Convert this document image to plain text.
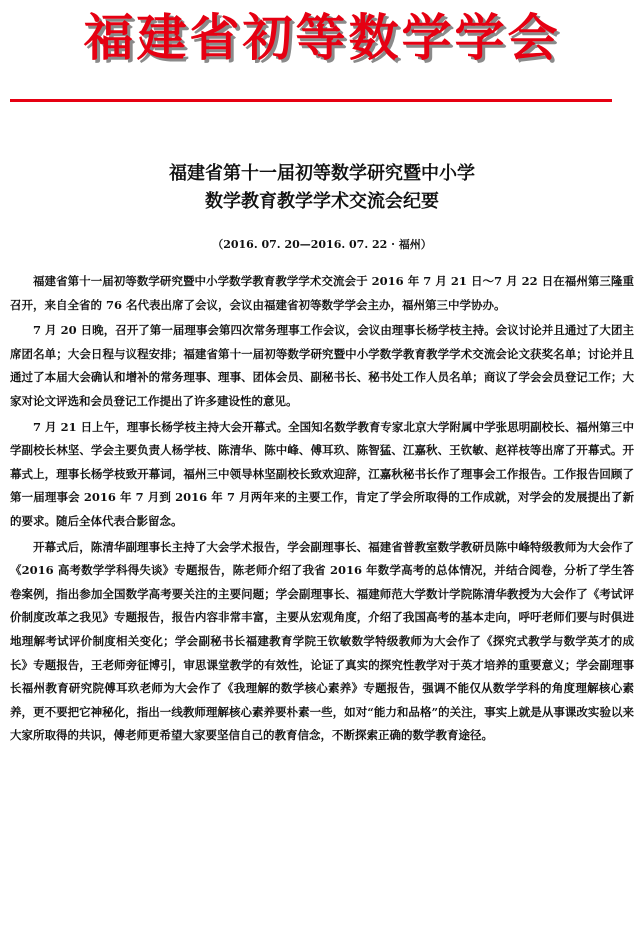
福建省初等数学学会
福建省第十一届初等数学研究暨中小学
数学教育教学学术交流会纪要
（2016. 07. 20—2016. 07. 22 · 福州）

福建省第十一届初等数学研究暨中小学数学教育教学学术交流会于 2016 年 7 月 21 日～7 月 22 日在福州第三隆重召开，来自全省的 76 名代表出席了会议，会议由福建省初等数学学会主办，福州第三中学协办。

7 月 20 日晚，召开了第一届理事会第四次常务理事工作会议，会议由理事长杨学枝主持。会议讨论并且通过了大团主席团名单；大会日程与议程安排；福建省第十一届初等数学研究暨中小学数学教育教学学术交流会论文获奖名单；讨论并且通过了本届大会确认和增补的常务理事、理事、团体会员、副秘书长、秘书处工作人员名单；商议了学会会员登记工作；大家对论文评选和会员登记工作提出了许多建设性的意见。

7 月 21 日上午，理事长杨学枝主持大会开幕式。全国知名数学教育专家北京大学附属中学张思明副校长、福州第三中学副校长林坚、学会主要负责人杨学枝、陈清华、陈中峰、傅耳玖、陈智猛、江嘉秋、王钦敏、赵祥枝等出席了开幕式。开幕式上，理事长杨学枝致开幕词，福州三中领导林坚副校长致欢迎辞，江嘉秋秘书长作了理事会工作报告。工作报告回顾了第一届理事会 2016 年 7 月到 2016 年 7 月两年来的主要工作，肯定了学会所取得的工作成就，对学会的发展提出了新的要求。随后全体代表合影留念。

开幕式后，陈清华副理事长主持了大会学术报告，学会副理事长、福建省普教室数学教研员陈中峰特级教师为大会作了《2016 高考数学学科得失谈》专题报告，陈老师介绍了我省 2016 年数学高考的总体情况，并结合阅卷，分析了学生答卷案例，指出参加全国数学高考要关注的主要问题；学会副理事长、福建师范大学数计学院陈清华教授为大会作了《考试评价制度改革之我见》专题报告，报告内容非常丰富，主要从宏观角度，介绍了我国高考的基本走向，呼吁老师们要与时俱进地理解考试评价制度相关变化；学会副秘书长福建教育学院王钦敏数学特级教师为大会作了《探究式教学与数学英才的成长》专题报告，王老师旁征博引，审思课堂教学的有效性，论证了真实的探究性教学对于英才培养的重要意义；学会副理事长福州教育研究院傅耳玖老师为大会作了《我理解的数学核心素养》专题报告，强调不能仅从数学学科的角度理解核心素养，更不要把它神秘化，指出一线教师理解核心素养要朴素一些，如对“能力和品格”的关注，事实上就是从事课改实验以来大家所取得的共识，傅老师更希望大家要坚信自己的教育信念，不断探索正确的数学教育途径。
